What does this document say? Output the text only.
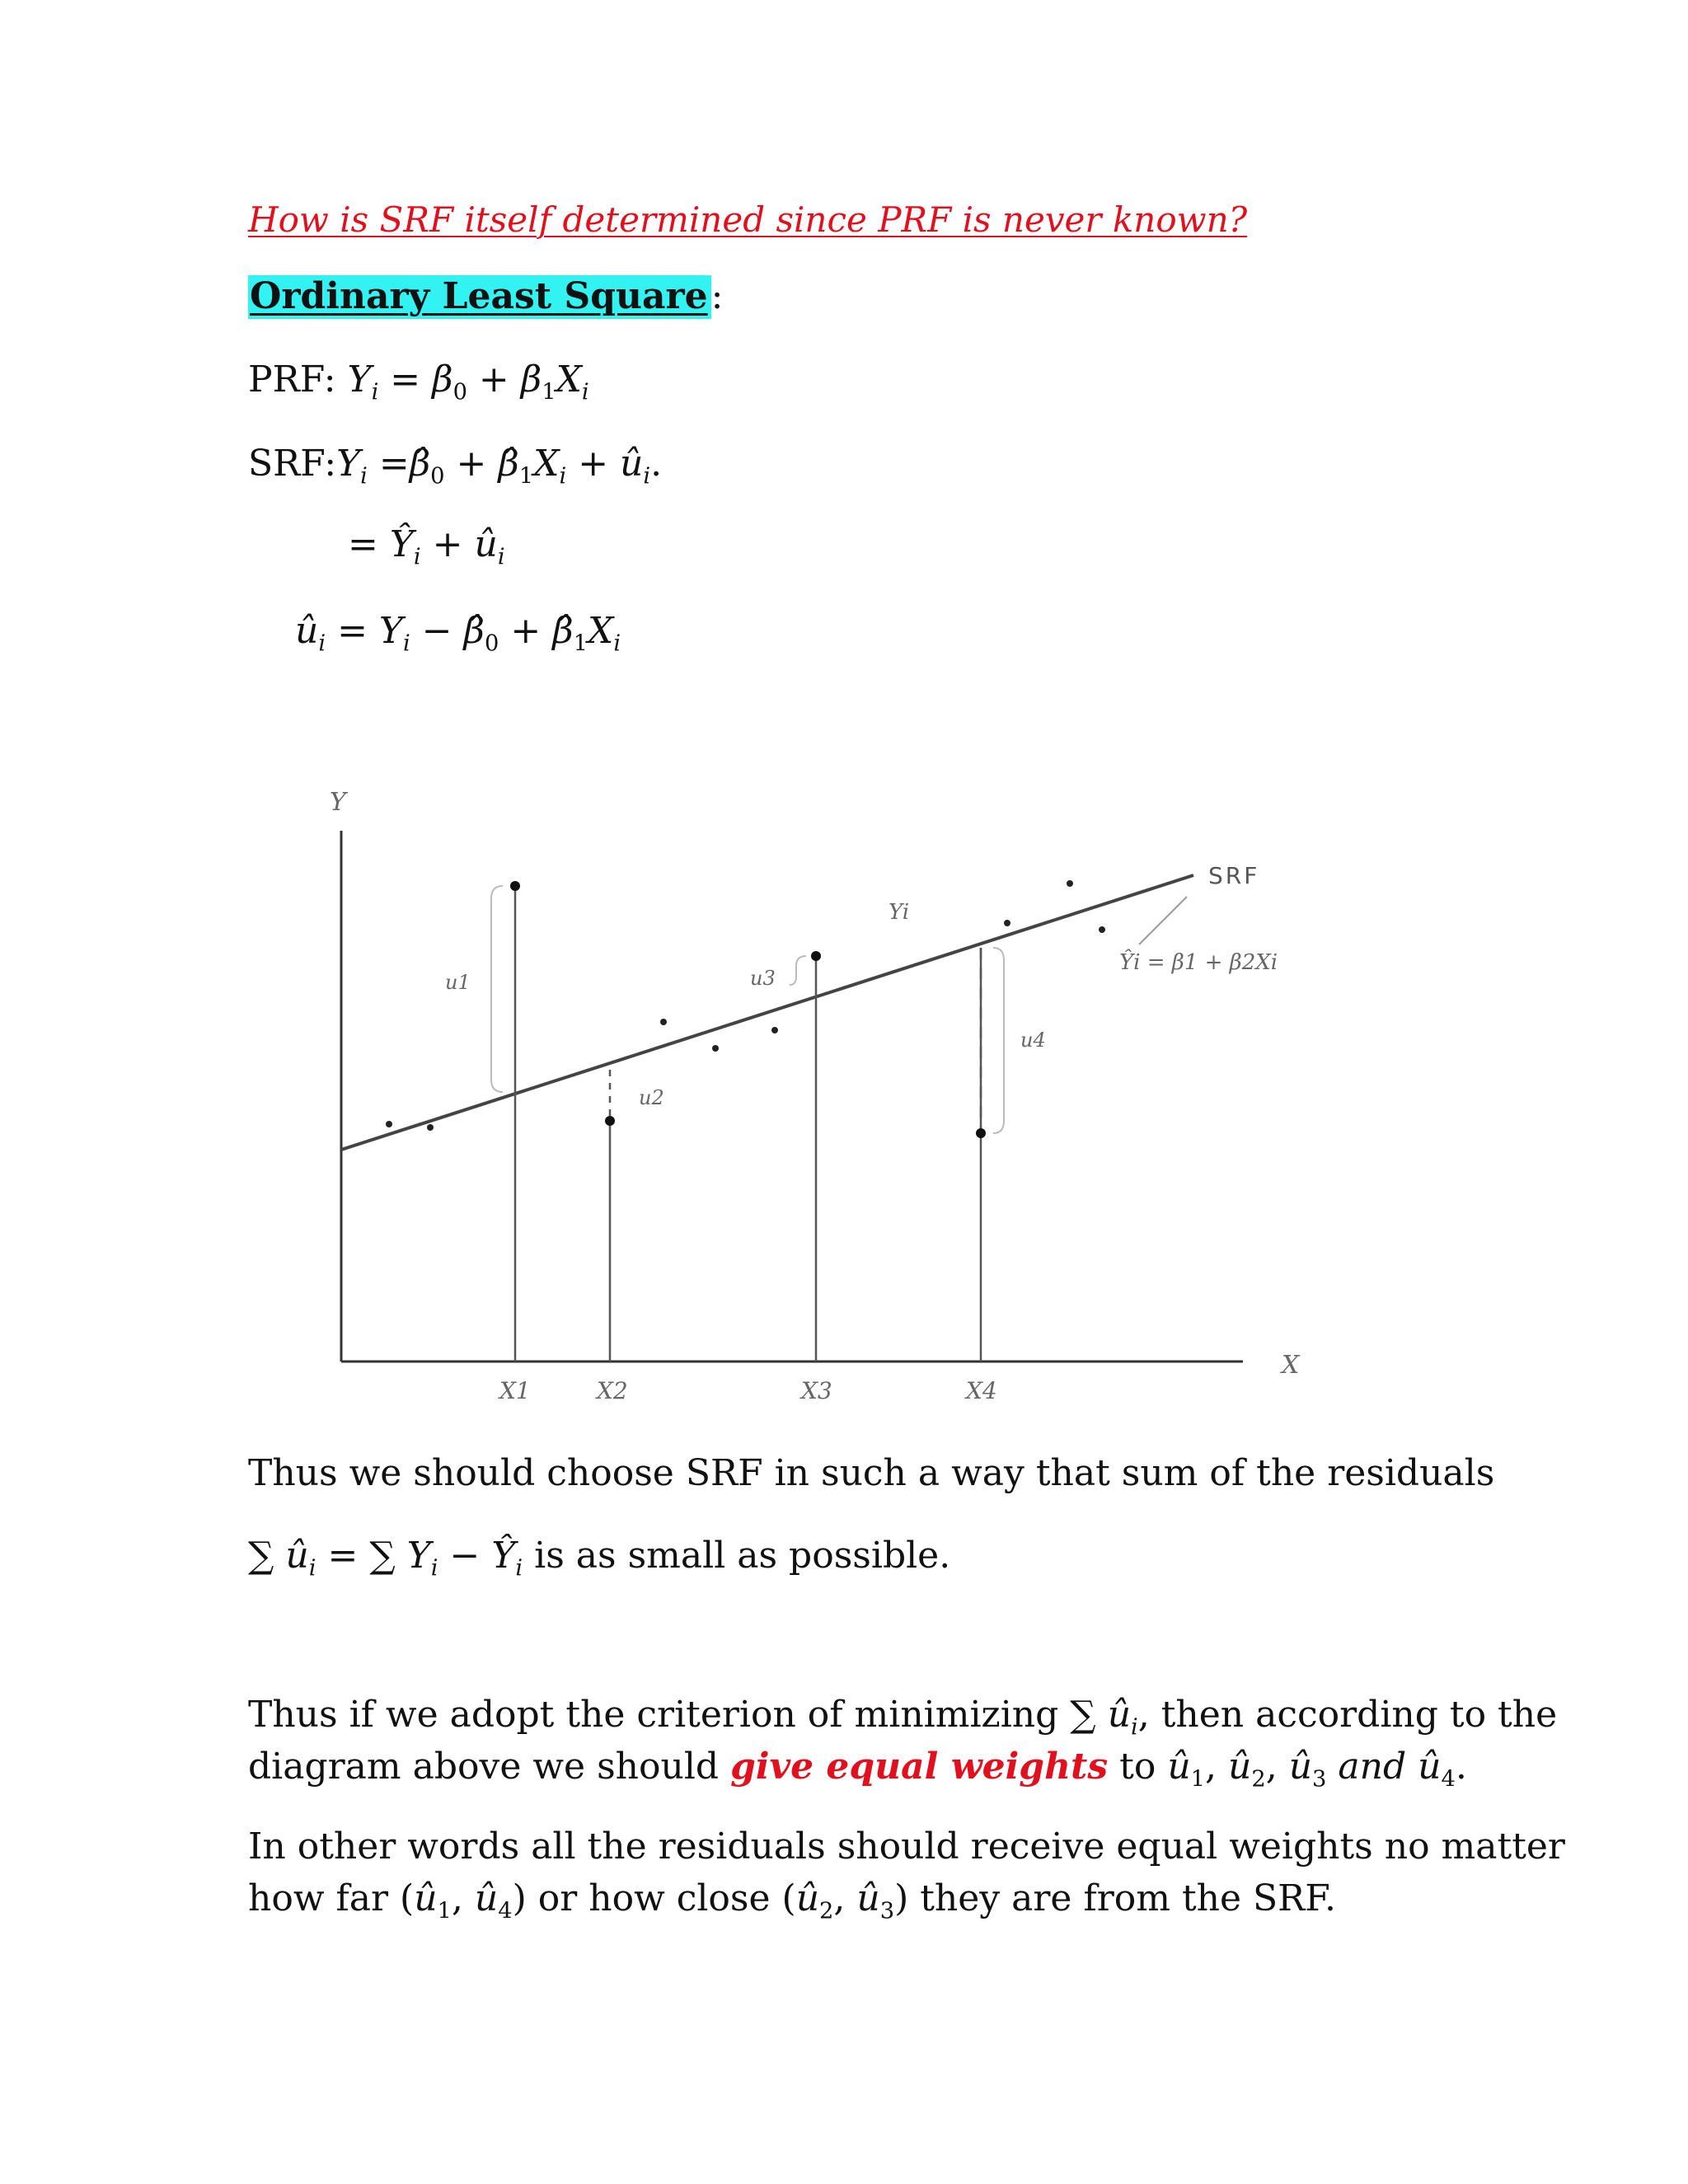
How is SRF itself determined since PRF is never known?
Ordinary Least Square:
PRF: $Y_i = \beta_0 + \beta_1X_i$
$SRF:Y_i$ $=\betâ_0$ + $\betâ_1X_i$ + $û_i$.
= $Ŷ_i$ + $û_i$
$û_i = Y_i$ − $\betâ_0$ + $\betâ_1X_i$
Y
X
SRF
Ŷi = β1 + β2Xi
Yi
u1
u2
u3
u4
X1	X2	X3	X4
Thus we should choose SRF in such a way that sum of the residuals
∑ $û_i$ = ∑ $Y_i$ − $Ŷ_i$ is as small as possible.
Thus if we adopt the criterion of minimizing ∑ $û_i$, then according to the
diagram above we should give equal weights to $û_1$, $û_2$, $û_3$ and $û_4$.
In other words all the residuals should receive equal weights no matter
how far ($û_1$, $û_4$) or how close ($û_2$, $û_3$) they are from the SRF.
